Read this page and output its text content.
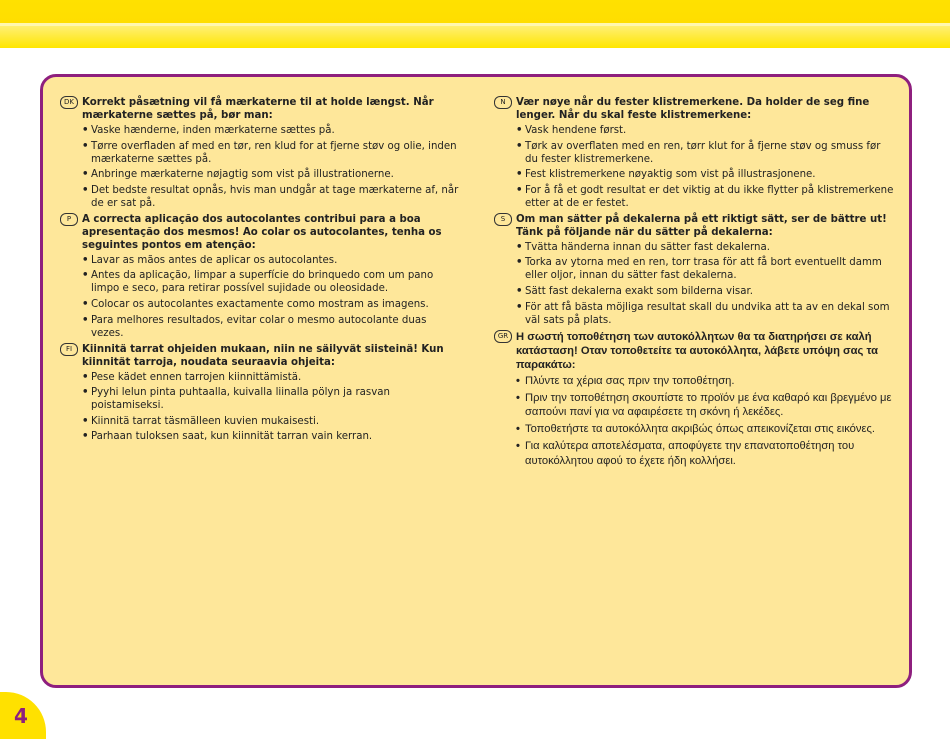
DK Korrekt påsætning vil få mærkaterne til at holde længst. Når mærkaterne sættes på, bør man:
• Vaske hænderne, inden mærkaterne sættes på.
• Tørre overfladen af med en tør, ren klud for at fjerne støv og olie, inden mærkaterne sættes på.
• Anbringe mærkaterne nøjagtig som vist på illustrationerne.
• Det bedste resultat opnås, hvis man undgår at tage mærkaterne af, når de er sat på.
P	A correcta aplicação dos autocolantes contribui para a boa apresentação dos mesmos! Ao colar os autocolantes, tenha os seguintes pontos em atenção:
• Lavar as mãos antes de aplicar os autocolantes.
• Antes da aplicação, limpar a superfície do brinquedo com um pano limpo e seco, para retirar possível sujidade ou oleosidade.
• Colocar os autocolantes exactamente como mostram as imagens.
• Para melhores resultados, evitar colar o mesmo autocolante duas vezes.
FI Kiinnitä tarrat ohjeiden mukaan, niin ne säilyvät siisteinä! Kun kiinnität tarroja, noudata seuraavia ohjeita:
• Pese kädet ennen tarrojen kiinnittämistä.
• Pyyhi lelun pinta puhtaalla, kuivalla liinalla pölyn ja rasvan poistamiseksi.
• Kiinnitä tarrat täsmälleen kuvien mukaisesti.
• Parhaan tuloksen saat, kun kiinnität tarran vain kerran.
N	Vær nøye når du fester klistremerkene. Da holder de seg fine lenger. Når du skal feste klistremerkene:
• Vask hendene først.
• Tørk av overflaten med en ren, tørr klut for å fjerne støv og smuss før du fester klistremerkene.
• Fest klistremerkene nøyaktig som vist på illustrasjonene.
• For å få et godt resultat er det viktig at du ikke flytter på klistremerkene etter at de er festet.
S	Om man sätter på dekalerna på ett riktigt sätt, ser de bättre ut! Tänk på följande när du sätter på dekalerna:
• Tvätta händerna innan du sätter fast dekalerna.
• Torka av ytorna med en ren, torr trasa för att få bort eventuellt damm eller oljor, innan du sätter fast dekalerna.
• Sätt fast dekalerna exakt som bilderna visar.
• För att få bästa möjliga resultat skall du undvika att ta av en dekal som väl sats på plats.
GR Η σωστή τοποθέτηση των αυτοκόλλητων θα τα διατηρήσει σε καλή κατάσταση! Οταν τοποθετείτε τα αυτοκόλλητα, λάβετε υπόψη σας τα παρακάτω:
• Πλύντε τα χέρια σας πριν την τοποθέτηση.
• Πριν την τοποθέτηση σκουπίστε το προϊόν με ένα καθαρό και βρεγμένο με σαπούνι πανί για να αφαιρέσετε τη σκόνη ή λεκέδες.
• Τοποθετήστε τα αυτοκόλλητα ακριβώς όπως απεικονίζεται στις εικόνες.
• Για καλύτερα αποτελέσματα, αποφύγετε την επανατοποθέτηση του αυτοκόλλητου αφού το έχετε ήδη κολλήσει.
4
